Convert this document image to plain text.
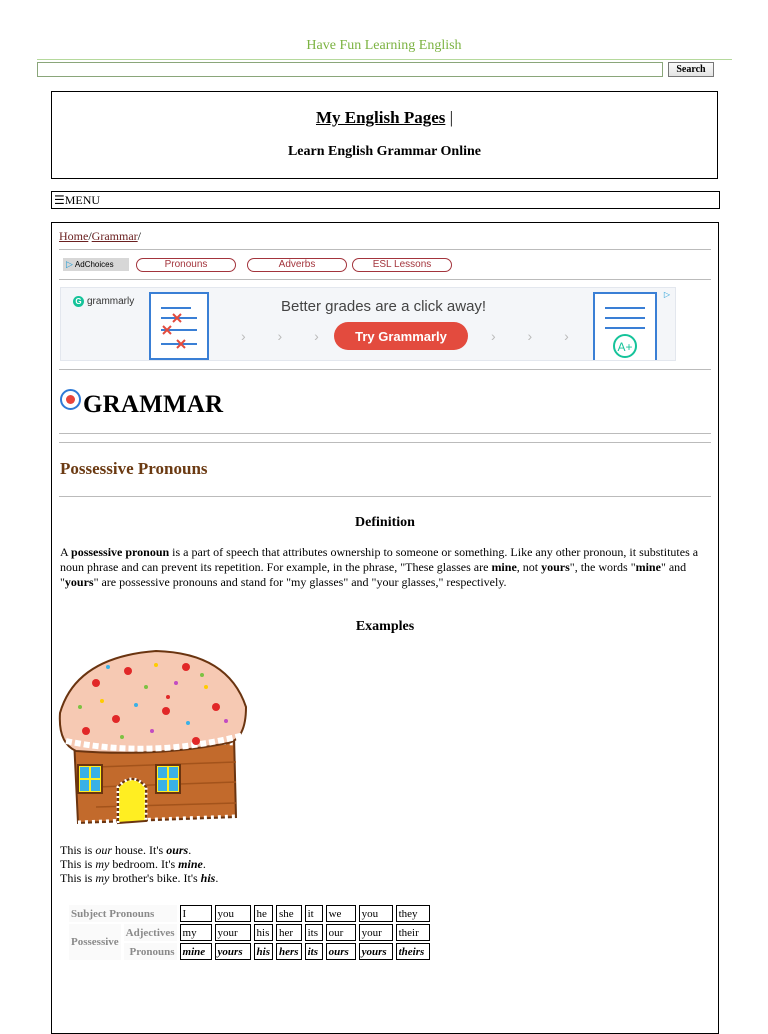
Have Fun Learning English
Search
My English Pages |
Learn English Grammar Online
☰MENU
Home/Grammar/
▷ AdChoices	Pronouns	Adverbs	ESL Lessons
G grammarly
› › ›
Better grades are a click away!
Try Grammarly	› › ›
A+
▷
GRAMMAR
Possessive Pronouns
Definition
A possessive pronoun is a part of speech that attributes ownership to someone or something. Like any other pronoun, it substitutes a noun phrase and can prevent its repetition. For example, in the phrase, "These glasses are mine, not yours", the words "mine" and "yours" are possessive pronouns and stand for "my glasses" and "your glasses," respectively.
Examples
This is our house. It's ours.
This is my bedroom. It's mine.
This is my brother's bike. It's his.
Subject Pronouns		I	you	he	she	it	we	you	they
Possessive	Adjectives	my	your	his	her	its	our	your	their
	Pronouns	mine	yours	his	hers	its	ours	yours	theirs
